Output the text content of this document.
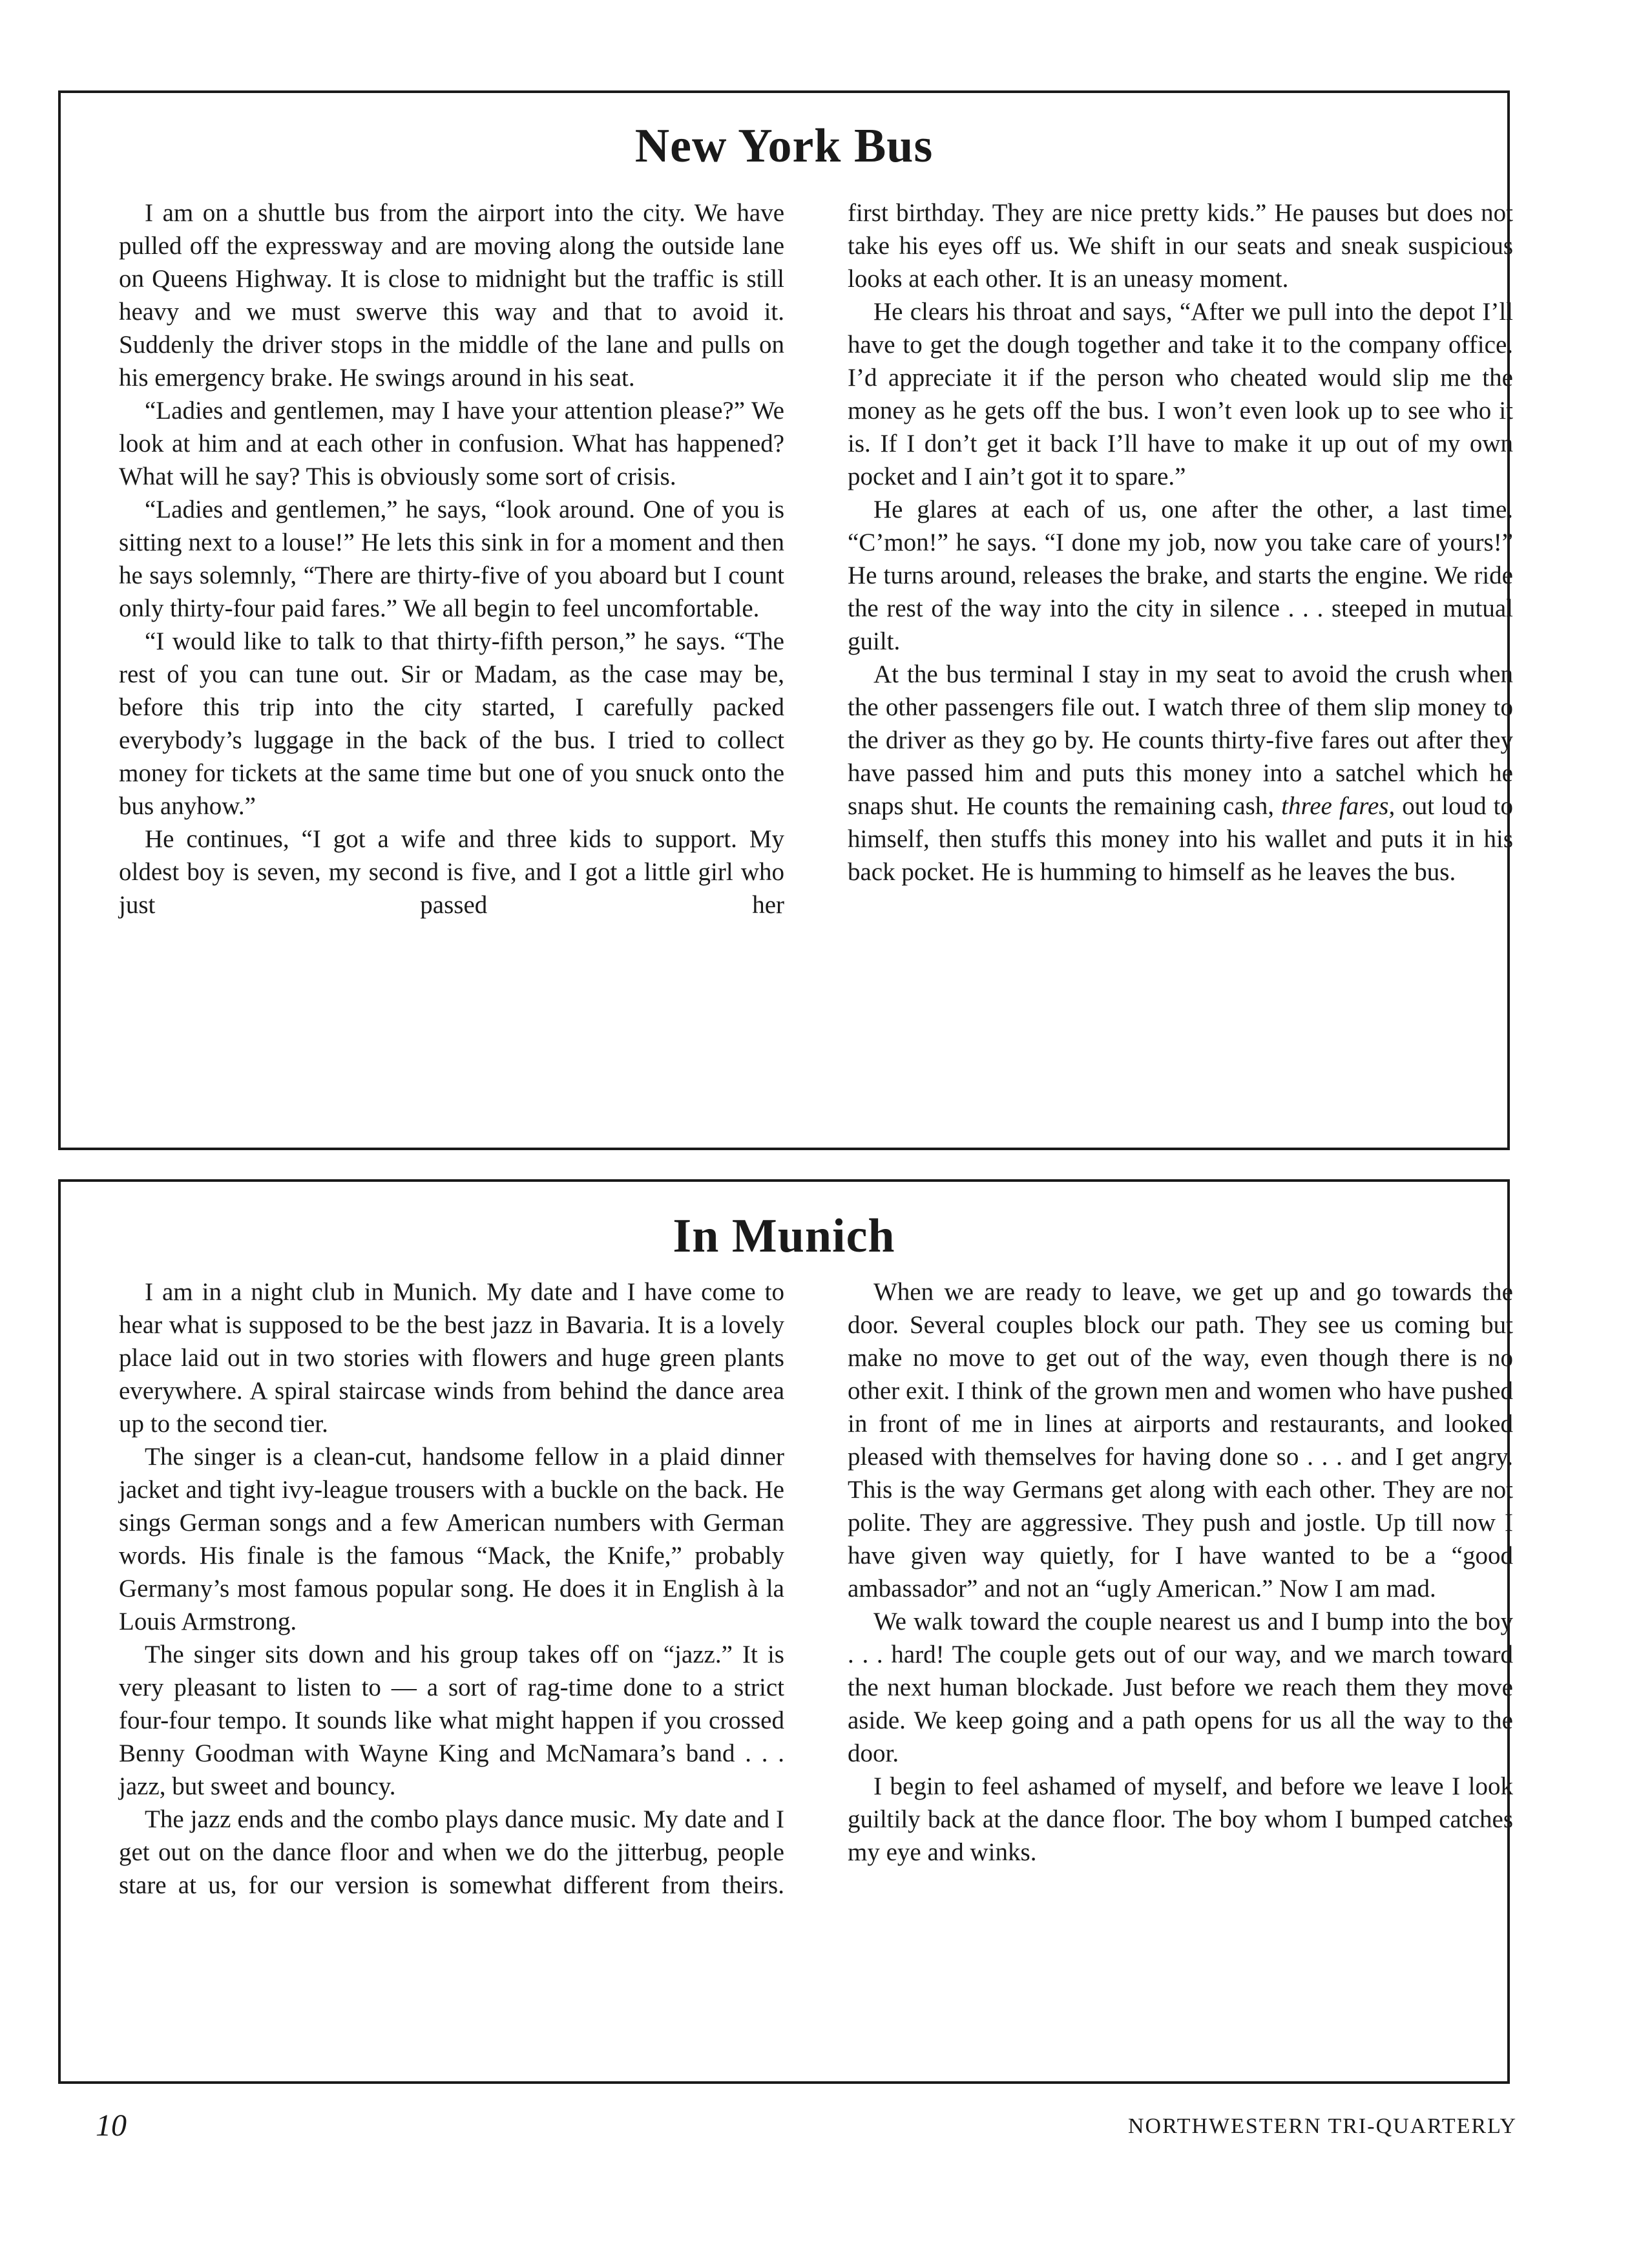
New York Bus

I am on a shuttle bus from the airport into the city. We have pulled off the expressway and are moving along the outside lane on Queens Highway. It is close to midnight but the traffic is still heavy and we must swerve this way and that to avoid it. Suddenly the driver stops in the middle of the lane and pulls on his emergency brake. He swings around in his seat.

“Ladies and gentlemen, may I have your attention please?” We look at him and at each other in confusion. What has happened? What will he say? This is obviously some sort of crisis.

“Ladies and gentlemen,” he says, “look around. One of you is sitting next to a louse!” He lets this sink in for a moment and then he says solemnly, “There are thirty-five of you aboard but I count only thirty-four paid fares.” We all begin to feel uncomfortable.

“I would like to talk to that thirty-fifth person,” he says. “The rest of you can tune out. Sir or Madam, as the case may be, before this trip into the city started, I carefully packed everybody’s luggage in the back of the bus. I tried to collect money for tickets at the same time but one of you snuck onto the bus anyhow.”

He continues, “I got a wife and three kids to support. My oldest boy is seven, my second is five, and I got a little girl who just passed her

first birthday. They are nice pretty kids.” He pauses but does not take his eyes off us. We shift in our seats and sneak suspicious looks at each other. It is an uneasy moment.

He clears his throat and says, “After we pull into the depot I’ll have to get the dough together and take it to the company office. I’d appreciate it if the person who cheated would slip me the money as he gets off the bus. I won’t even look up to see who it is. If I don’t get it back I’ll have to make it up out of my own pocket and I ain’t got it to spare.”

He glares at each of us, one after the other, a last time. “C’mon!” he says. “I done my job, now you take care of yours!” He turns around, releases the brake, and starts the engine. We ride the rest of the way into the city in silence . . . steeped in mutual guilt.

At the bus terminal I stay in my seat to avoid the crush when the other passengers file out. I watch three of them slip money to the driver as they go by. He counts thirty-five fares out after they have passed him and puts this money into a satchel which he snaps shut. He counts the remaining cash, three fares, out loud to himself, then stuffs this money into his wallet and puts it in his back pocket. He is humming to himself as he leaves the bus.

In Munich

I am in a night club in Munich. My date and I have come to hear what is supposed to be the best jazz in Bavaria. It is a lovely place laid out in two stories with flowers and huge green plants everywhere. A spiral staircase winds from behind the dance area up to the second tier.

The singer is a clean-cut, handsome fellow in a plaid dinner jacket and tight ivy-league trousers with a buckle on the back. He sings German songs and a few American numbers with German words. His finale is the famous “Mack, the Knife,” probably Germany’s most famous popular song. He does it in English à la Louis Armstrong.

The singer sits down and his group takes off on “jazz.” It is very pleasant to listen to — a sort of rag-time done to a strict four-four tempo. It sounds like what might happen if you crossed Benny Goodman with Wayne King and McNamara’s band . . . jazz, but sweet and bouncy.

The jazz ends and the combo plays dance music. My date and I get out on the dance floor and when we do the jitterbug, people stare at us, for our version is somewhat different from theirs.

When we are ready to leave, we get up and go towards the door. Several couples block our path. They see us coming but make no move to get out of the way, even though there is no other exit. I think of the grown men and women who have pushed in front of me in lines at airports and restaurants, and looked pleased with themselves for having done so . . . and I get angry. This is the way Germans get along with each other. They are not polite. They are aggressive. They push and jostle. Up till now I have given way quietly, for I have wanted to be a “good ambassador” and not an “ugly American.” Now I am mad.

We walk toward the couple nearest us and I bump into the boy . . . hard! The couple gets out of our way, and we march toward the next human blockade. Just before we reach them they move aside. We keep going and a path opens for us all the way to the door.

I begin to feel ashamed of myself, and before we leave I look guiltily back at the dance floor. The boy whom I bumped catches my eye and winks.

10	NORTHWESTERN TRI-QUARTERLY
